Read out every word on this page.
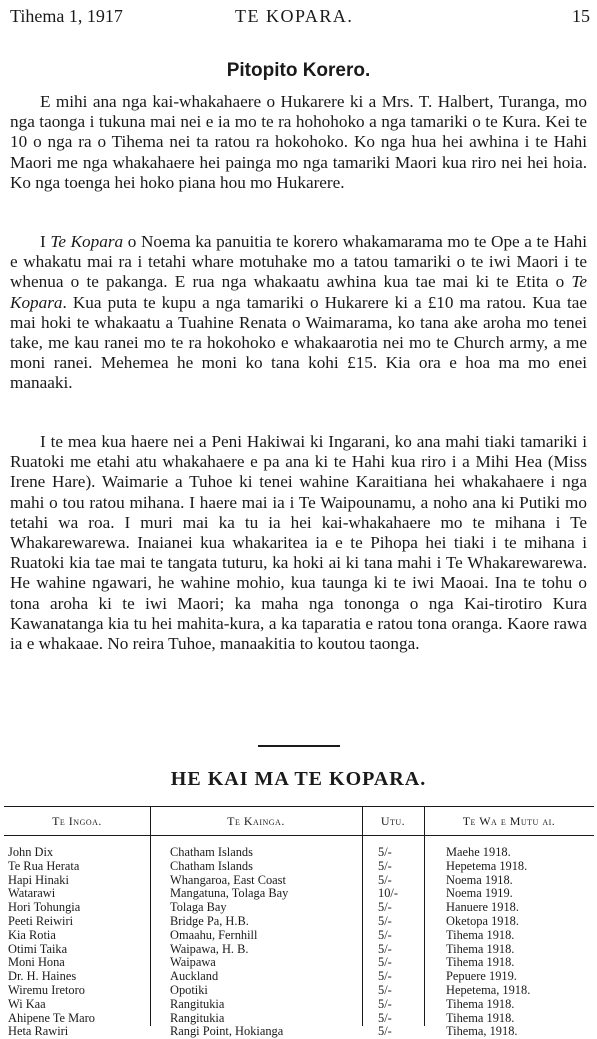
Tihema 1, 1917	TE KOPARA.	15
Pitopito Korero.

E mihi ana nga kai-whakahaere o Hukarere ki a Mrs. T. Halbert, Turanga, mo nga taonga i tukuna mai nei e ia mo te ra hohohoko a nga tamariki o te Kura. Kei te 10 o nga ra o Tihema nei ta ratou ra hokohoko. Ko nga hua hei awhina i te Hahi Maori me nga whakahaere hei painga mo nga tamariki Maori kua riro nei hei hoia. Ko nga toenga hei hoko piana hou mo Hukarere.

I Te Kopara o Noema ka panuitia te korero whakamarama mo te Ope a te Hahi e whakatu mai ra i tetahi whare motuhake mo a tatou tamariki o te iwi Maori i te whenua o te pakanga. E rua nga whakaatu awhina kua tae mai ki te Etita o Te Kopara. Kua puta te kupu a nga tamariki o Hukarere ki a £10 ma ratou. Kua tae mai hoki te whakaatu a Tuahine Renata o Waimarama, ko tana ake aroha mo tenei take, me kau ranei mo te ra hokohoko e whakaarotia nei mo te Church army, a me moni ranei. Mehemea he moni ko tana kohi £15. Kia ora e hoa ma mo enei manaaki.

I te mea kua haere nei a Peni Hakiwai ki Ingarani, ko ana mahi tiaki tamariki i Ruatoki me etahi atu whakahaere e pa ana ki te Hahi kua riro i a Mihi Hea (Miss Irene Hare). Waimarie a Tuhoe ki tenei wahine Karaitiana hei whakahaere i nga mahi o tou ratou mihana. I haere mai ia i Te Waipounamu, a noho ana ki Putiki mo tetahi wa roa. I muri mai ka tu ia hei kai-whakahaere mo te mihana i Te Whakarewarewa. Inaianei kua whakaritea ia e te Pihopa hei tiaki i te mihana i Ruatoki kia tae mai te tangata tuturu, ka hoki ai ki tana mahi i Te Whakarewarewa. He wahine ngawari, he wahine mohio, kua taunga ki te iwi Maoai. Ina te tohu o tona aroha ki te iwi Maori; ka maha nga tononga o nga Kai-tirotiro Kura Kawanatanga kia tu hei mahita-kura, a ka taparatia e ratou tona oranga. Kaore rawa ia e whakaae. No reira Tuhoe, manaakitia to koutou taonga.

HE KAI MA TE KOPARA.
Te Ingoa.	Te Kainga.	Utu.	Te Wa e Mutu ai.
John Dix	Chatham Islands	5/-	Maehe 1918.
Te Rua Herata	Chatham Islands	5/-	Hepetema 1918.
Hapi Hinaki	Whangaroa, East Coast	5/-	Noema 1918.
Watarawi	Mangatuna, Tolaga Bay	10/-	Noema 1919.
Hori Tohungia	Tolaga Bay	5/-	Hanuere 1918.
Peeti Reiwiri	Bridge Pa, H.B.	5/-	Oketopa 1918.
Kia Rotia	Omaahu, Fernhill	5/-	Tihema 1918.
Otimi Taika	Waipawa, H. B.	5/-	Tihema 1918.
Moni Hona	Waipawa	5/-	Tihema 1918.
Dr. H. Haines	Auckland	5/-	Pepuere 1919.
Wiremu Iretoro	Opotiki	5/-	Hepetema, 1918.
Wi Kaa	Rangitukia	5/-	Tihema 1918.
Ahipene Te Maro	Rangitukia	5/-	Tihema 1918.
Heta Rawiri	Rangi Point, Hokianga	5/-	Tihema, 1918.
